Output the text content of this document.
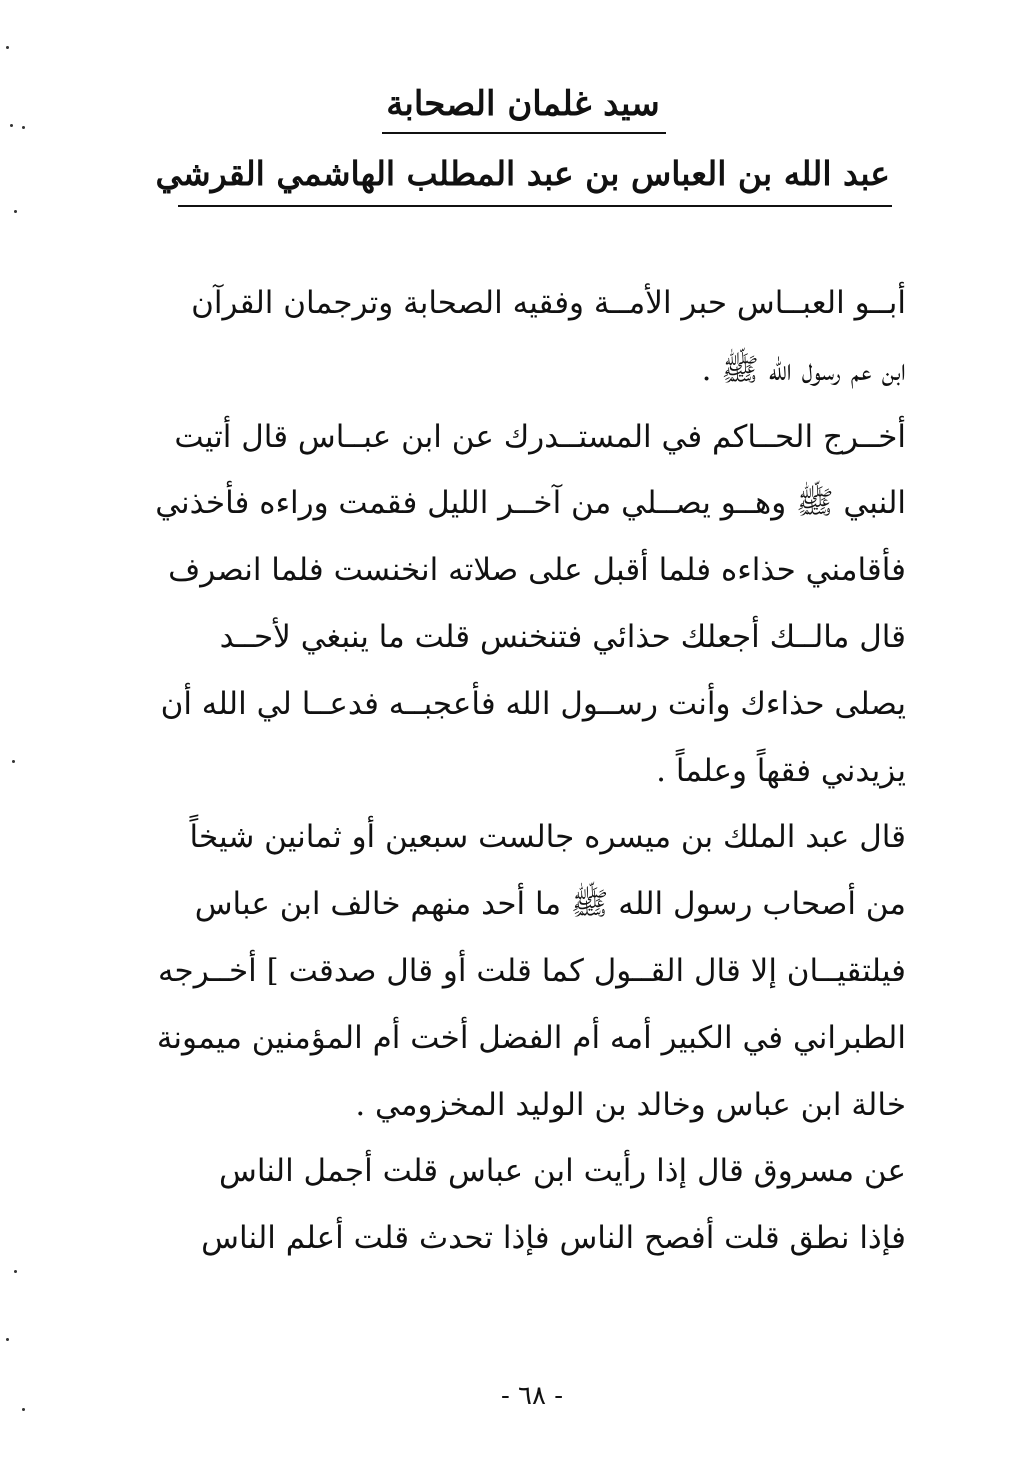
سيد غلمان الصحابة
عبد الله بن العباس بن عبد المطلب الهاشمي القرشي
أبــو العبــاس حبر الأمــة وفقيه الصحابة وترجمان القرآن
ابن عم رسول الله ﷺ .
أخــرج الحــاكم في المستــدرك عن ابن عبــاس قال أتيت
النبي ﷺ وهــو يصــلي من آخــر الليل فقمت وراءه فأخذني
فأقامني حذاءه فلما أقبل على صلاته انخنست فلما انصرف
قال مالــك أجعلك حذائي فتنخنس قلت ما ينبغي لأحــد
يصلى حذاءك وأنت رســول الله فأعجبــه فدعــا لي الله أن
يزيدني فقهاً وعلماً .
قال عبد الملك بن ميسره جالست سبعين أو ثمانين شيخاً
من أصحاب رسول الله ﷺ ما أحد منهم خالف ابن عباس
فيلتقيــان إلا قال القــول كما قلت أو قال صدقت ] أخــرجه
الطبراني في الكبير أمه أم الفضل أخت أم المؤمنين ميمونة
خالة ابن عباس وخالد بن الوليد المخزومي .
عن مسروق قال إذا رأيت ابن عباس قلت أجمل الناس
فإذا نطق قلت أفصح الناس فإذا تحدث قلت أعلم الناس
- ٦٨ -
